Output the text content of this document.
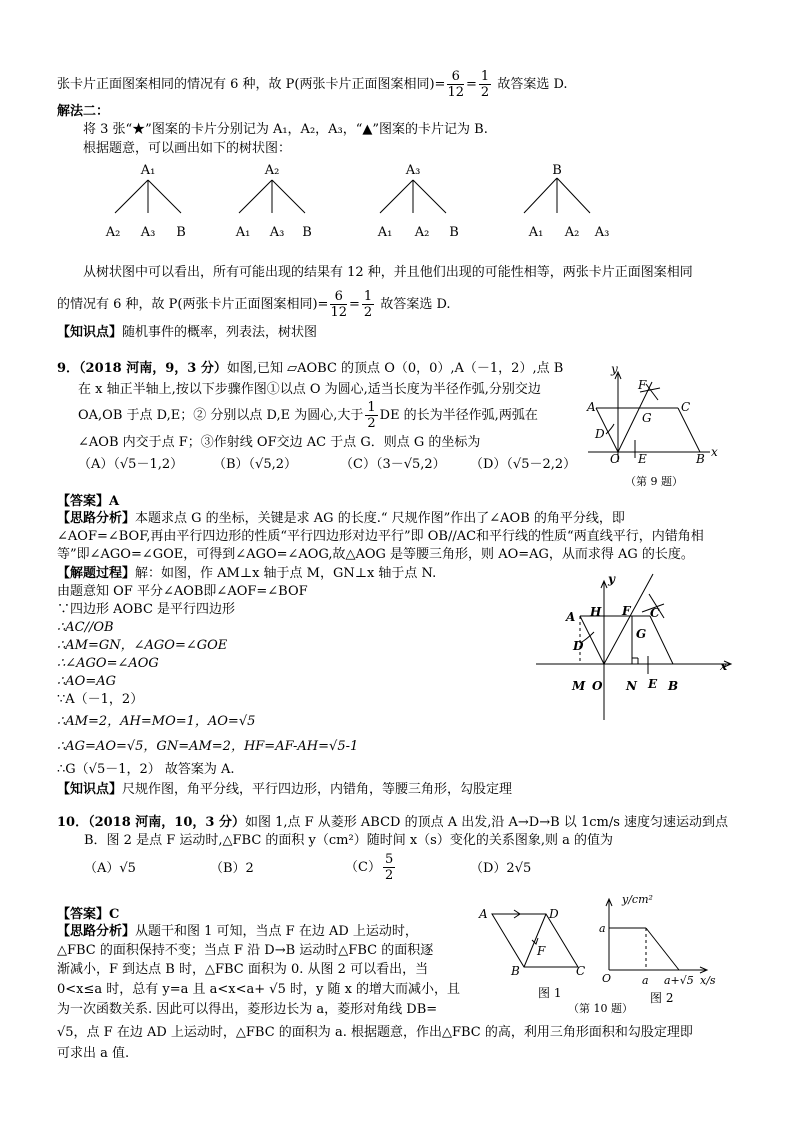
张卡片正面图案相同的情况有 6 种，故 P(两张卡片正面图案相同)= $\frac{6}{12} = \frac{1}{2}$ 故答案选 D.
解法二：
将 3 张“★”图案的卡片分别记为 A₁，A₂，A₃，“▲”图案的卡片记为 B.
根据题意，可以画出如下的树状图：
A₁	A₂	A₃	B
A₂ A₃ B	A₁ A₃ B	A₁ A₂ B	A₁ A₂ A₃
从树状图中可以看出，所有可能出现的结果有 12 种，并且他们出现的可能性相等，两张卡片正面图案相同
的情况有 6 种，故 P(两张卡片正面图案相同)= $\frac{6}{12} = \frac{1}{2}$ 故答案选 D.
【知识点】随机事件的概率，列表法，树状图
9．（2018 河南，9，3 分）如图,已知 ▱AOBC 的顶点 O（0，0）,A（－1，2）,点 B
在 x 轴正半轴上,按以下步骤作图①以点 O 为圆心,适当长度为半径作弧,分别交边
OA,OB 于点 D,E；② 分别以点 D,E 为圆心,大于 $\frac{1}{2}$ DE 的长为半径作弧,两弧在
∠AOB 内交于点 F；③作射线 OF交边 AC 于点 G．则点 G 的坐标为
（A）（√5－1,2） （B）（√5,2）	（C）（3－√5,2） （D）（√5－2,2）
y
x
A	C
F
G
D
O E	B
（第 9 题）
【答案】A
【思路分析】本题求点 G 的坐标，关键是求 AG 的长度.“ 尺规作图”作出了∠AOB 的角平分线，即
∠AOF=∠BOF,再由平行四边形的性质“平行四边形对边平行”即 OB//AC和平行线的性质“两直线平行，内错角相
等”即∠AGO=∠GOE，可得到∠AGO=∠AOG,故△AOG 是等腰三角形，则 AO=AG，从而求得 AG 的长度。
【解题过程】解：如图，作 AM⊥x 轴于点 M，GN⊥x 轴于点 N.
由题意知 OF 平分∠AOB即∠AOF=∠BOF
∵四边形 AOBC 是平行四边形
∴AC//OB
∴AM=GN，∠AGO=∠GOE
∴∠AGO=∠AOG
∴AO=AG
∵A（－1，2）
∴AM=2，AH=MO=1，AO=√5
∴AG=AO=√5，GN=AM=2，HF=AF-AH=√5-1
∴G（√5－1，2） 故答案为 A.
y
x
A H F C
G
D
M O N E B
【知识点】尺规作图，角平分线，平行四边形，内错角，等腰三角形，勾股定理
10．（2018 河南，10，3 分）如图 1,点 F 从菱形 ABCD 的顶点 A 出发,沿 A→D→B 以 1cm/s 速度匀速运动到点
B．图 2 是点 F 运动时,△FBC 的面积 y（cm²）随时间 x（s）变化的关系图象,则 a 的值为
（A）√5	（B）2	$(C) \frac{5}{2}$	（D）2√5
【答案】C
【思路分析】从题干和图 1 可知，当点 F 在边 AD 上运动时，
△FBC 的面积保持不变；当点 F 沿 D→B 运动时△FBC 的面积逐
渐减小，F 到达点 B 时，△FBC 面积为 0. 从图 2 可以看出，当
0<x≤a 时，总有 y=a 且 a<x<a+ √5 时，y 随 x 的增大而减小，且
为一次函数关系. 因此可以得出，菱形边长为 a，菱形对角线 DB=
√5，点 F 在边 AD 上运动时，△FBC 的面积为 a. 根据题意，作出△FBC 的高，利用三角形面积和勾股定理即
可求出 a 值.
A	D
F
B	C
y/cm²
a
O	a a+√5 x/s
图 1
（第 10 题）
图 2
